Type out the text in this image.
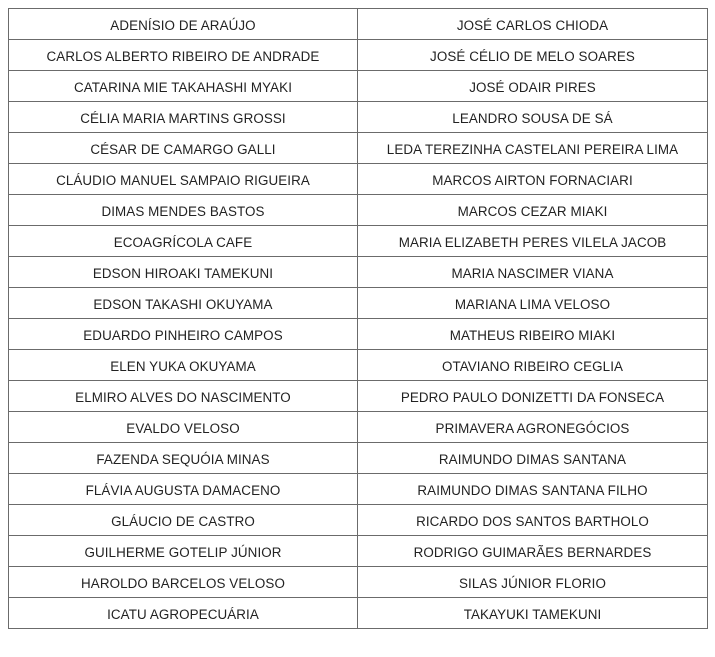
ADENÍSIO DE ARAÚJO	JOSÉ CARLOS CHIODA
CARLOS ALBERTO RIBEIRO DE ANDRADE	JOSÉ CÉLIO DE MELO SOARES
CATARINA MIE TAKAHASHI MYAKI	JOSÉ ODAIR PIRES
CÉLIA MARIA MARTINS GROSSI	LEANDRO SOUSA DE SÁ
CÉSAR DE CAMARGO GALLI	LEDA TEREZINHA CASTELANI PEREIRA LIMA
CLÁUDIO MANUEL SAMPAIO RIGUEIRA	MARCOS AIRTON FORNACIARI
DIMAS MENDES BASTOS	MARCOS CEZAR MIAKI
ECOAGRÍCOLA CAFE	MARIA ELIZABETH PERES VILELA JACOB
EDSON HIROAKI TAMEKUNI	MARIA NASCIMER VIANA
EDSON TAKASHI OKUYAMA	MARIANA LIMA VELOSO
EDUARDO PINHEIRO CAMPOS	MATHEUS RIBEIRO MIAKI
ELEN YUKA OKUYAMA	OTAVIANO RIBEIRO CEGLIA
ELMIRO ALVES DO NASCIMENTO	PEDRO PAULO DONIZETTI DA FONSECA
EVALDO VELOSO	PRIMAVERA AGRONEGÓCIOS
FAZENDA SEQUÓIA MINAS	RAIMUNDO DIMAS SANTANA
FLÁVIA AUGUSTA DAMACENO	RAIMUNDO DIMAS SANTANA FILHO
GLÁUCIO DE CASTRO	RICARDO DOS SANTOS BARTHOLO
GUILHERME GOTELIP JÚNIOR	RODRIGO GUIMARÃES BERNARDES
HAROLDO BARCELOS VELOSO	SILAS JÚNIOR FLORIO
ICATU AGROPECUÁRIA	TAKAYUKI TAMEKUNI
